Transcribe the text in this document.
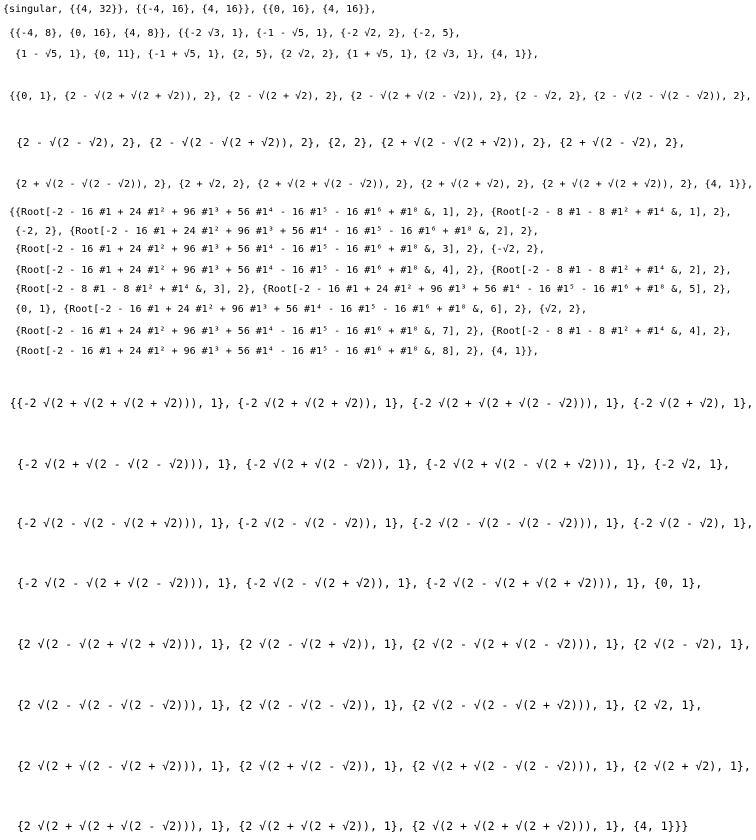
{singular, {{4, 32}}, {{-4, 16}, {4, 16}}, {{0, 16}, {4, 16}},
{{-4, 8}, {0, 16}, {4, 8}}, {{-2 √3, 1}, {-1 - √5, 1}, {-2 √2, 2}, {-2, 5},
{1 - √5, 1}, {0, 11}, {-1 + √5, 1}, {2, 5}, {2 √2, 2}, {1 + √5, 1}, {2 √3, 1}, {4, 1}},
{{0, 1}, {2 - √(2 + √(2 + √2)), 2}, {2 - √(2 + √2), 2}, {2 - √(2 + √(2 - √2)), 2}, {2 - √2, 2}, {2 - √(2 - √(2 - √2)), 2},
{2 - √(2 - √2), 2}, {2 - √(2 - √(2 + √2)), 2}, {2, 2}, {2 + √(2 - √(2 + √2)), 2}, {2 + √(2 - √2), 2},
{2 + √(2 - √(2 - √2)), 2}, {2 + √2, 2}, {2 + √(2 + √(2 - √2)), 2}, {2 + √(2 + √2), 2}, {2 + √(2 + √(2 + √2)), 2}, {4, 1}},
{{Root[-2 - 16 #1 + 24 #1² + 96 #1³ + 56 #1⁴ - 16 #1⁵ - 16 #1⁶ + #1⁸ &, 1], 2}, {Root[-2 - 8 #1 - 8 #1² + #1⁴ &, 1], 2},
{-2, 2}, {Root[-2 - 16 #1 + 24 #1² + 96 #1³ + 56 #1⁴ - 16 #1⁵ - 16 #1⁶ + #1⁸ &, 2], 2},
{Root[-2 - 16 #1 + 24 #1² + 96 #1³ + 56 #1⁴ - 16 #1⁵ - 16 #1⁶ + #1⁸ &, 3], 2}, {-√2, 2},
{Root[-2 - 16 #1 + 24 #1² + 96 #1³ + 56 #1⁴ - 16 #1⁵ - 16 #1⁶ + #1⁸ &, 4], 2}, {Root[-2 - 8 #1 - 8 #1² + #1⁴ &, 2], 2},
{Root[-2 - 8 #1 - 8 #1² + #1⁴ &, 3], 2}, {Root[-2 - 16 #1 + 24 #1² + 96 #1³ + 56 #1⁴ - 16 #1⁵ - 16 #1⁶ + #1⁸ &, 5], 2},
{0, 1}, {Root[-2 - 16 #1 + 24 #1² + 96 #1³ + 56 #1⁴ - 16 #1⁵ - 16 #1⁶ + #1⁸ &, 6], 2}, {√2, 2},
{Root[-2 - 16 #1 + 24 #1² + 96 #1³ + 56 #1⁴ - 16 #1⁵ - 16 #1⁶ + #1⁸ &, 7], 2}, {Root[-2 - 8 #1 - 8 #1² + #1⁴ &, 4], 2},
{Root[-2 - 16 #1 + 24 #1² + 96 #1³ + 56 #1⁴ - 16 #1⁵ - 16 #1⁶ + #1⁸ &, 8], 2}, {4, 1}},
{{-2 √(2 + √(2 + √(2 + √2))), 1}, {-2 √(2 + √(2 + √2)), 1}, {-2 √(2 + √(2 + √(2 - √2))), 1}, {-2 √(2 + √2), 1},
{-2 √(2 + √(2 - √(2 - √2))), 1}, {-2 √(2 + √(2 - √2)), 1}, {-2 √(2 + √(2 - √(2 + √2))), 1}, {-2 √2, 1},
{-2 √(2 - √(2 - √(2 + √2))), 1}, {-2 √(2 - √(2 - √2)), 1}, {-2 √(2 - √(2 - √(2 - √2))), 1}, {-2 √(2 - √2), 1},
{-2 √(2 - √(2 + √(2 - √2))), 1}, {-2 √(2 - √(2 + √2)), 1}, {-2 √(2 - √(2 + √(2 + √2))), 1}, {0, 1},
{2 √(2 - √(2 + √(2 + √2))), 1}, {2 √(2 - √(2 + √2)), 1}, {2 √(2 - √(2 + √(2 - √2))), 1}, {2 √(2 - √2), 1},
{2 √(2 - √(2 - √(2 - √2))), 1}, {2 √(2 - √(2 - √2)), 1}, {2 √(2 - √(2 - √(2 + √2))), 1}, {2 √2, 1},
{2 √(2 + √(2 - √(2 + √2))), 1}, {2 √(2 + √(2 - √2)), 1}, {2 √(2 + √(2 - √(2 - √2))), 1}, {2 √(2 + √2), 1},
{2 √(2 + √(2 + √(2 - √2))), 1}, {2 √(2 + √(2 + √2)), 1}, {2 √(2 + √(2 + √(2 + √2))), 1}, {4, 1}}}
